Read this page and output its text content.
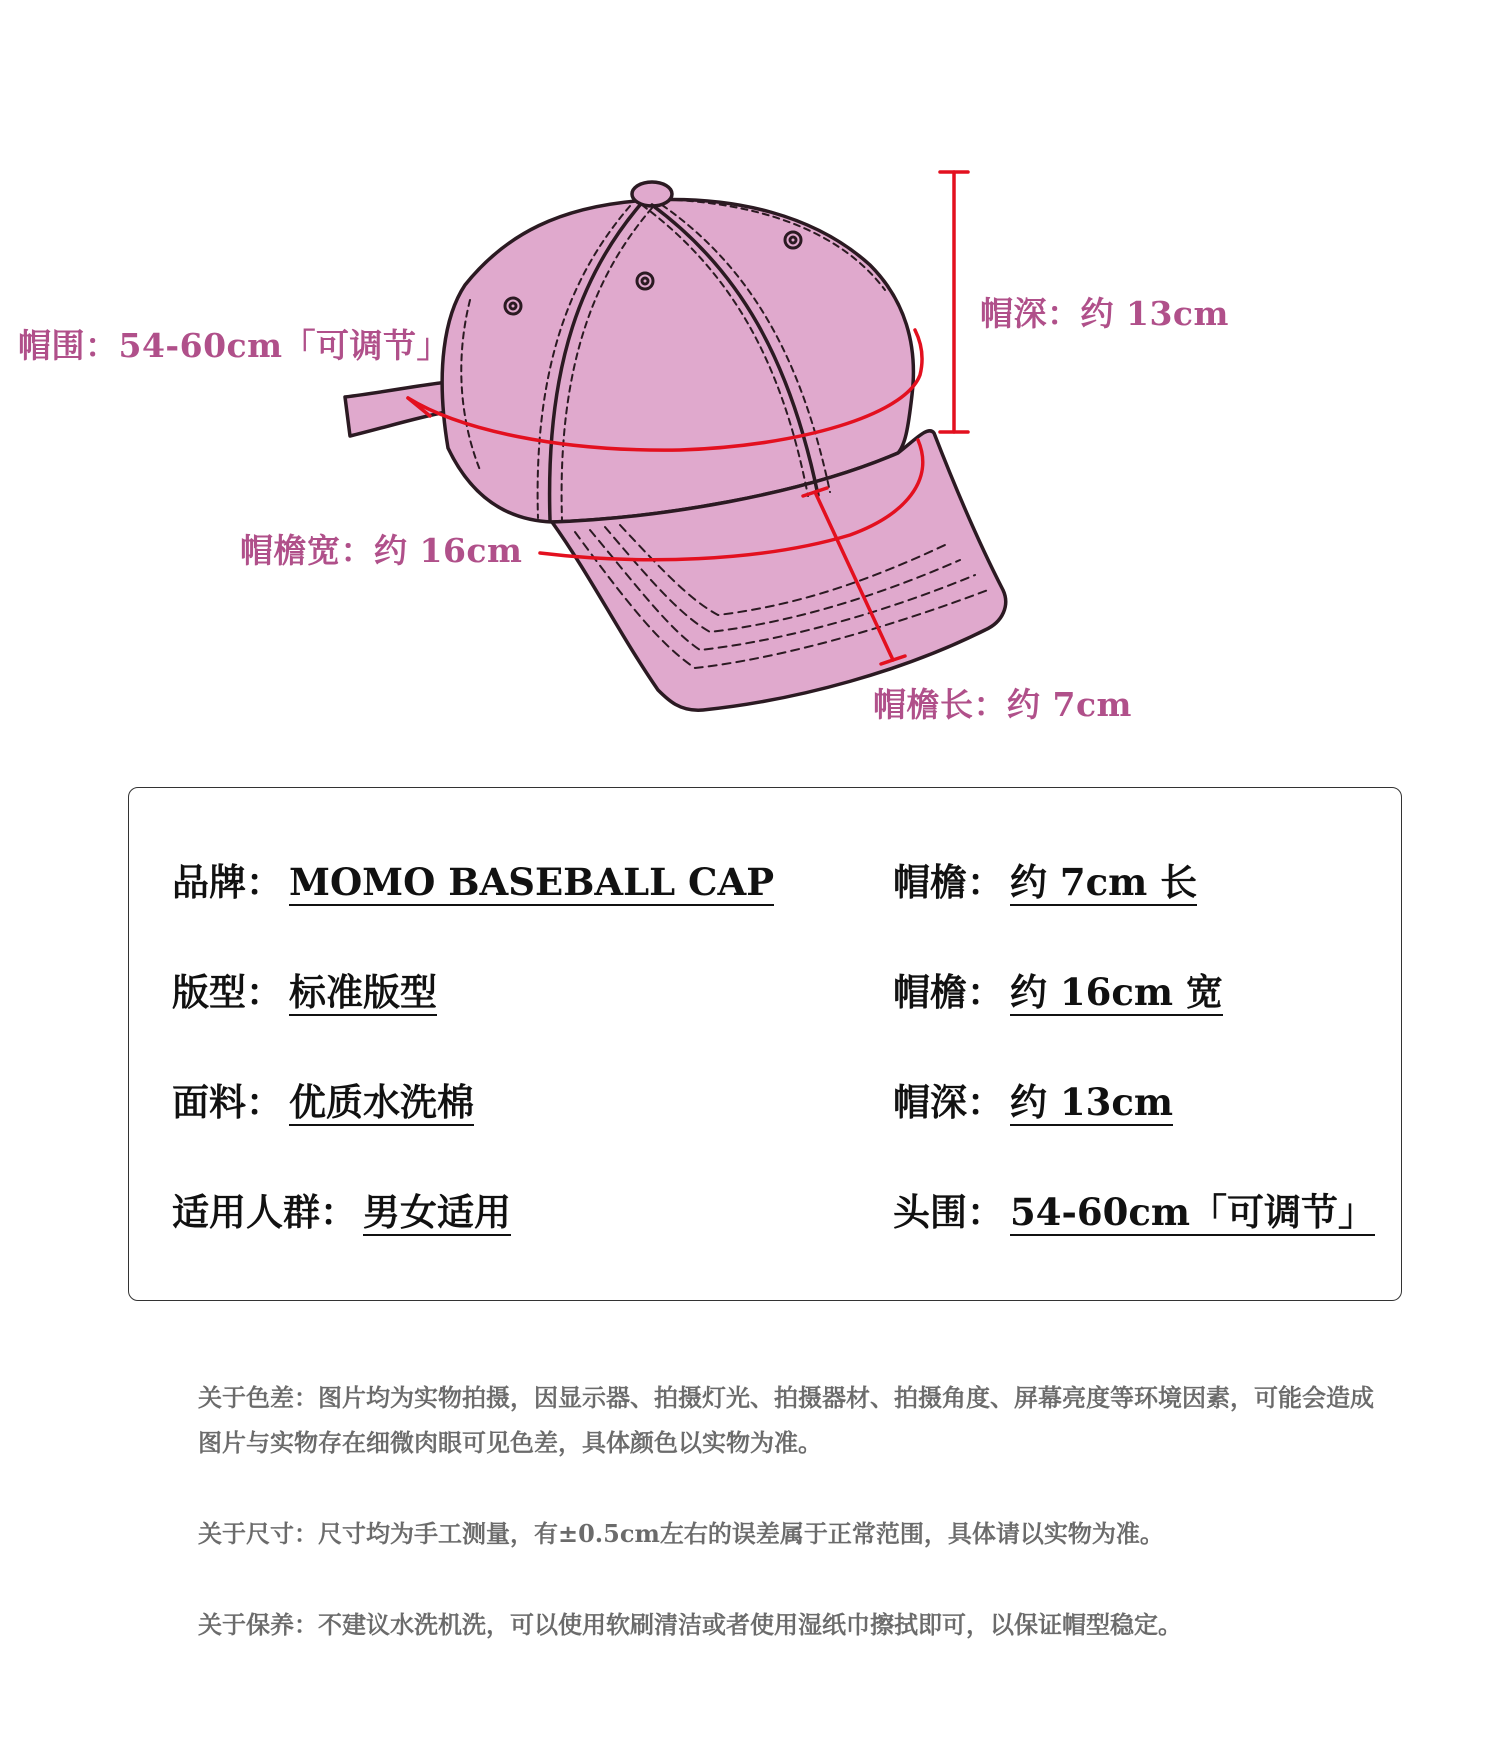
帽围：54-60cm「可调节」
帽深：约 13cm
帽檐宽：约 16cm
帽檐长：约 7cm
品牌： MOMO BASEBALL CAP
版型： 标准版型
面料： 优质水洗棉
适用人群： 男女适用
帽檐： 约 7cm 长
帽檐： 约 16cm 宽
帽深： 约 13cm
头围： 54-60cm「可调节」

关于色差：图片均为实物拍摄，因显示器、拍摄灯光、拍摄器材、拍摄角度、屏幕亮度等环境因素，可能会造成图片与实物存在细微肉眼可见色差，具体颜色以实物为准。

关于尺寸：尺寸均为手工测量，有±0.5cm左右的误差属于正常范围，具体请以实物为准。

关于保养：不建议水洗机洗，可以使用软刷清洁或者使用湿纸巾擦拭即可，以保证帽型稳定。
